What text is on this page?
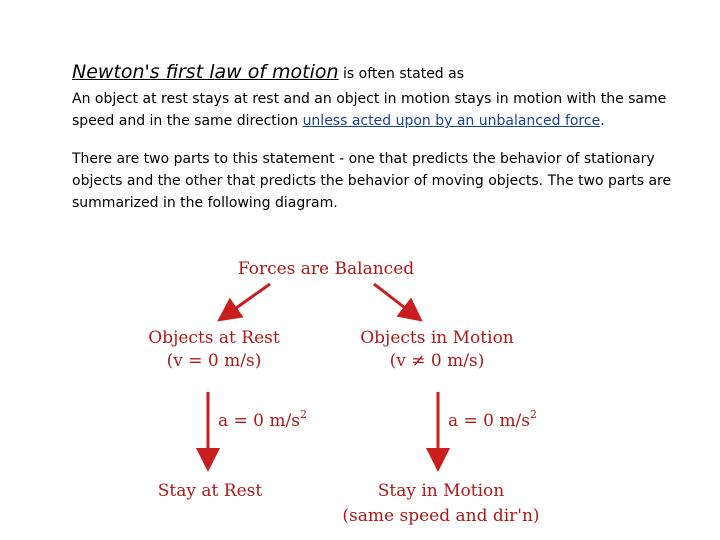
Newton's first law of motion is often stated as

An object at rest stays at rest and an object in motion stays in motion with the same speed and in the same direction unless acted upon by an unbalanced force.

There are two parts to this statement - one that predicts the behavior of stationary objects and the other that predicts the behavior of moving objects. The two parts are summarized in the following diagram.

Forces are Balanced
Objects at Rest
(v = 0 m/s)
Objects in Motion
(v ≠ 0 m/s)
a = 0 $m/s^2$	a = 0 $m/s^2$
Stay at Rest	Stay in Motion
(same speed and dir'n)
